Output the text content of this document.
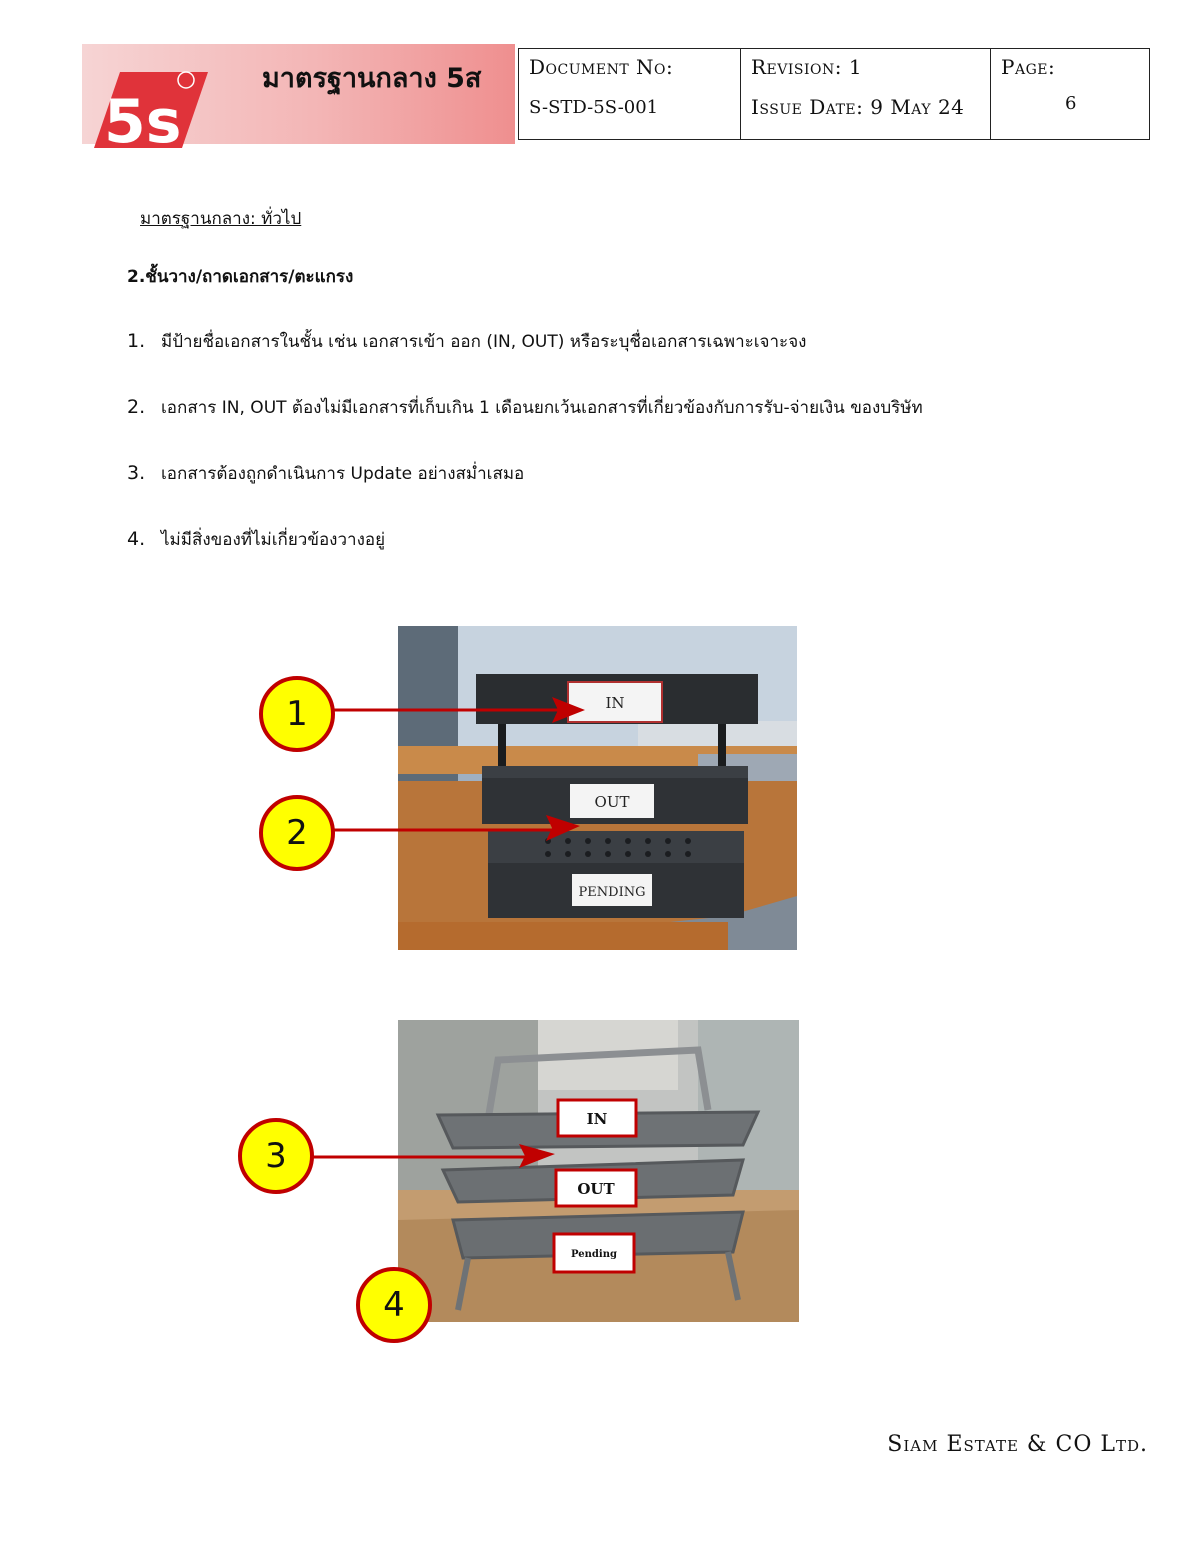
5s
มาตรฐานกลาง 5ส Document No:
S-STD-5S-001
Revision: 1
Issue Date: 9 May 24
Page:
6
มาตรฐานกลาง: ทั่วไป
2.ชั้นวาง/ถาดเอกสาร/ตะแกรง
1. มีป้ายชื่อเอกสารในชั้น เช่น เอกสารเข้า ออก (IN, OUT) หรือระบุชื่อเอกสารเฉพาะเจาะจง
2. เอกสาร IN, OUT ต้องไม่มีเอกสารที่เก็บเกิน 1 เดือนยกเว้นเอกสารที่เกี่ยวข้องกับการรับ-จ่ายเงิน ของบริษัท
3. เอกสารต้องถูกดำเนินการ Update อย่างสม่ำเสมอ
4. ไม่มีสิ่งของที่ไม่เกี่ยวข้องวางอยู่
IN
OUT
PENDING
1
2
IN
OUT
Pending
3
4
Siam Estate & CO Ltd.
